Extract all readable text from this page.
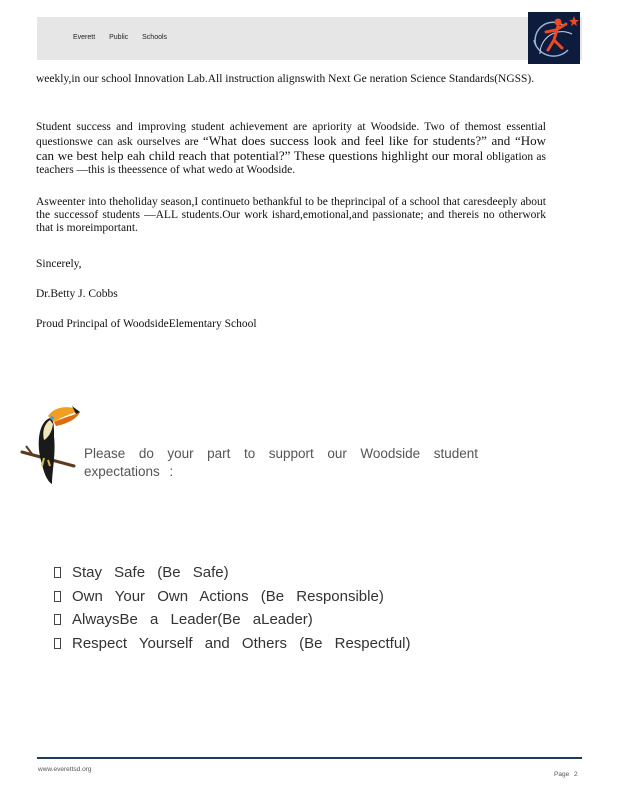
Everett Public Schools
weekly,in our school Innovation Lab.All instruction alignswith Next Ge neration Science Standards(NGSS).
Student success and improving student achievement are apriority at Woodside. Two of themost essential questionswe can ask ourselves are “What does success look and feel like for students?” and “How can we best help eah child reach that potential?” These questions highlight our moral obligation as teachers —this is theessence of what wedo at Woodside.
Asweenter into theholiday season,I continueto bethankful to be theprincipal of a school that caresdeeply about the successof students —ALL students.Our work ishard,emotional,and passionate; and thereis no otherwork that is moreimportant.
Sincerely,
Dr.Betty J. Cobbs
Proud Principal of WoodsideElementary School
Please do your part to support our Woodside student expectations :
Stay Safe (Be Safe)
Own Your Own Actions (Be Responsible)
AlwaysBe a Leader(Be aLeader)
Respect Yourself and Others (Be Respectful)
www.everettsd.org
Page 2
